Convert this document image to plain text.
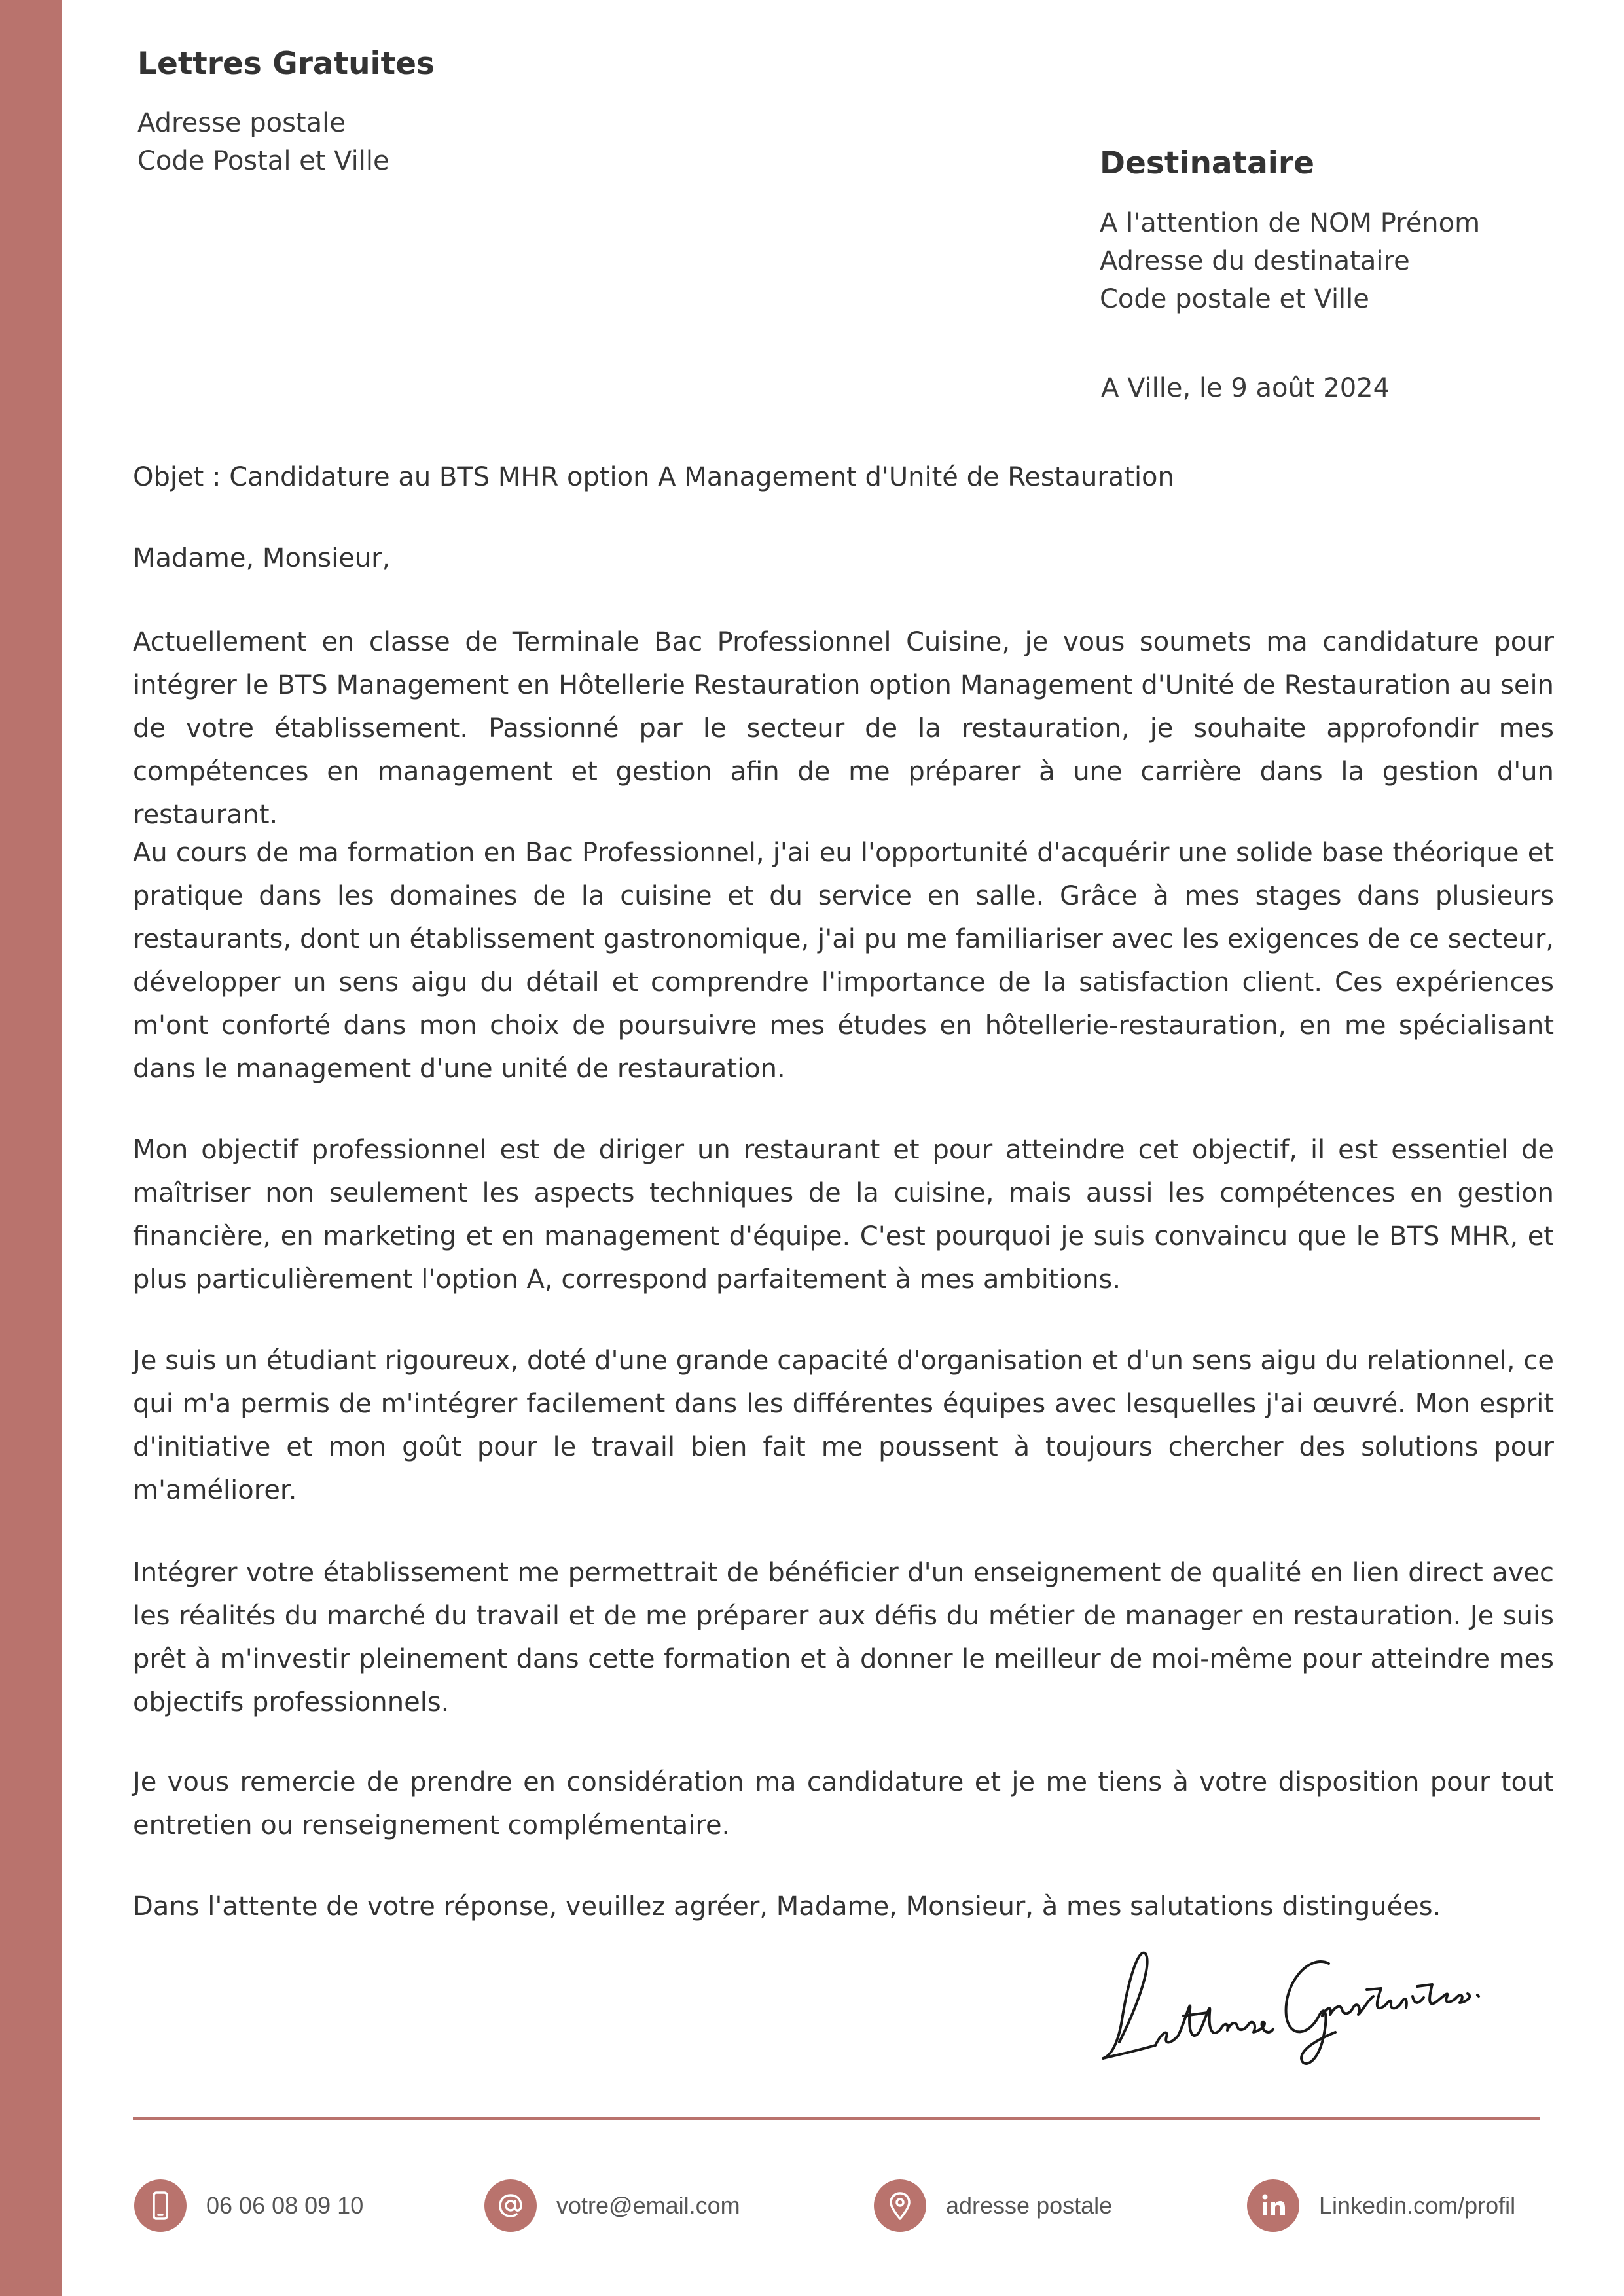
Lettres Gratuites
Adresse postale
Code Postal et Ville	Destinataire
A l'attention de NOM Prénom
Adresse du destinataire
Code postale et Ville
A Ville, le 9 août 2024
Objet : Candidature au BTS MHR option A Management d'Unité de Restauration
Madame, Monsieur,
Actuellement en classe de Terminale Bac Professionnel Cuisine, je vous soumets ma candidature pour intégrer le BTS Management en Hôtellerie Restauration option Management d'Unité de Restauration au sein de votre établissement. Passionné par le secteur de la restauration, je souhaite approfondir mes compétences en management et gestion afin de me préparer à une carrière dans la gestion d'un restaurant.
Au cours de ma formation en Bac Professionnel, j'ai eu l'opportunité d'acquérir une solide base théorique et pratique dans les domaines de la cuisine et du service en salle. Grâce à mes stages dans plusieurs restaurants, dont un établissement gastronomique, j'ai pu me familiariser avec les exigences de ce secteur, développer un sens aigu du détail et comprendre l'importance de la satisfaction client. Ces expériences m'ont conforté dans mon choix de poursuivre mes études en hôtellerie-restauration, en me spécialisant dans le management d'une unité de restauration.
Mon objectif professionnel est de diriger un restaurant et pour atteindre cet objectif, il est essentiel de maîtriser non seulement les aspects techniques de la cuisine, mais aussi les compétences en gestion financière, en marketing et en management d'équipe. C'est pourquoi je suis convaincu que le BTS MHR, et plus particulièrement l'option A, correspond parfaitement à mes ambitions.
Je suis un étudiant rigoureux, doté d'une grande capacité d'organisation et d'un sens aigu du relationnel, ce qui m'a permis de m'intégrer facilement dans les différentes équipes avec lesquelles j'ai œuvré. Mon esprit d'initiative et mon goût pour le travail bien fait me poussent à toujours chercher des solutions pour m'améliorer.
Intégrer votre établissement me permettrait de bénéficier d'un enseignement de qualité en lien direct avec les réalités du marché du travail et de me préparer aux défis du métier de manager en restauration. Je suis prêt à m'investir pleinement dans cette formation et à donner le meilleur de moi-même pour atteindre mes objectifs professionnels.
Je vous remercie de prendre en considération ma candidature et je me tiens à votre disposition pour tout entretien ou renseignement complémentaire.
Dans l'attente de votre réponse, veuillez agréer, Madame, Monsieur, à mes salutations distinguées.
06 06 08 09 10	votre@email.com	adresse postale	Linkedin.com/profil
